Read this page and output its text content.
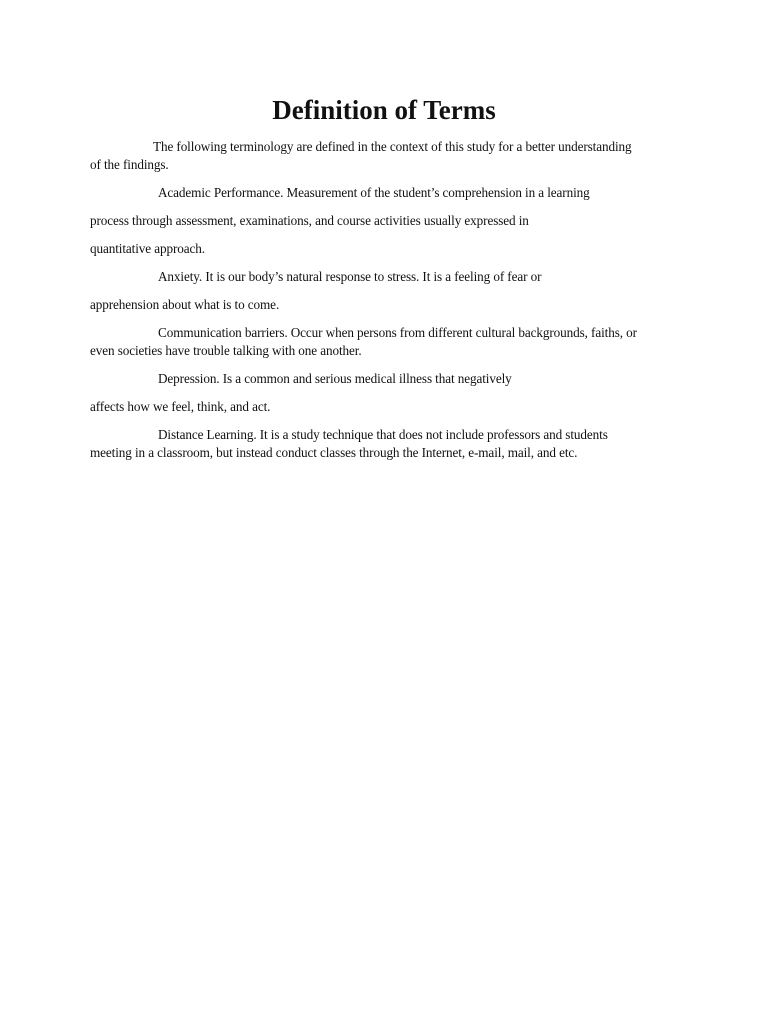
Definition of Terms
The following terminology are defined in the context of this study for a better understanding
of the findings.
Academic Performance. Measurement of the student’s comprehension in a learning
process through assessment, examinations, and course activities usually expressed in
quantitative approach.
Anxiety. It is our body’s natural response to stress. It is a feeling of fear or
apprehension about what is to come.
Communication barriers. Occur when persons from different cultural backgrounds, faiths, or
even societies have trouble talking with one another.
Depression. Is a common and serious medical illness that negatively
affects how we feel, think, and act.
Distance Learning. It is a study technique that does not include professors and students
meeting in a classroom, but instead conduct classes through the Internet, e-mail, mail, and etc.
